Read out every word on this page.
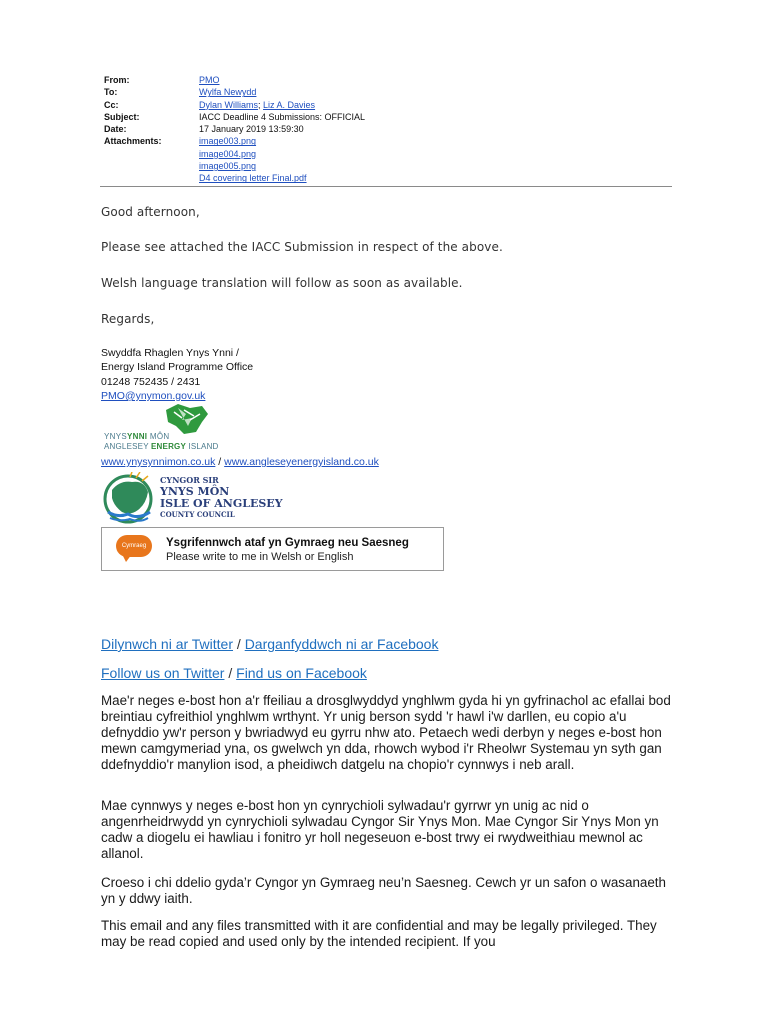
From:	PMO
To:	Wylfa Newydd
Cc:	Dylan Williams; Liz A. Davies
Subject:	IACC Deadline 4 Submissions: OFFICIAL
Date:	17 January 2019 13:59:30
Attachments:	image003.png
image004.png
image005.png
D4 covering letter Final.pdf
Good afternoon,
Please see attached the IACC Submission in respect of the above.
Welsh language translation will follow as soon as available.
Regards,
Swyddfa Rhaglen Ynys Ynni /
Energy Island Programme Office
01248 752435 / 2431
PMO@ynymon.gov.uk
YNYSYNNI MÔN
ANGLESEY ENERGY ISLAND
www.ynysynnimon.co.uk / www.angleseyenergyisland.co.uk
CYNGOR SIR
YNYS MÔN
ISLE OF ANGLESEY
COUNTY COUNCIL
Cymraeg	Ysgrifennwch ataf yn Gymraeg neu Saesneg
Please write to me in Welsh or English
Dilynwch ni ar Twitter / Darganfyddwch ni ar Facebook
Follow us on Twitter / Find us on Facebook
Mae'r neges e-bost hon a'r ffeiliau a drosglwyddyd ynghlwm gyda hi yn gyfrinachol ac efallai bod breintiau cyfreithiol ynghlwm wrthynt. Yr unig berson sydd 'r hawl i'w darllen, eu copio a'u defnyddio yw'r person y bwriadwyd eu gyrru nhw ato. Petaech wedi derbyn y neges e-bost hon mewn camgymeriad yna, os gwelwch yn dda, rhowch wybod i'r Rheolwr Systemau yn syth gan ddefnyddio'r manylion isod, a pheidiwch datgelu na chopio'r cynnwys i neb arall.
Mae cynnwys y neges e-bost hon yn cynrychioli sylwadau'r gyrrwr yn unig ac nid o angenrheidrwydd yn cynrychioli sylwadau Cyngor Sir Ynys Mon. Mae Cyngor Sir Ynys Mon yn cadw a diogelu ei hawliau i fonitro yr holl negeseuon e-bost trwy ei rwydweithiau mewnol ac allanol.
Croeso i chi ddelio gyda’r Cyngor yn Gymraeg neu’n Saesneg. Cewch yr un safon o wasanaeth yn y ddwy iaith.
This email and any files transmitted with it are confidential and may be legally privileged. They may be read copied and used only by the intended recipient. If you
